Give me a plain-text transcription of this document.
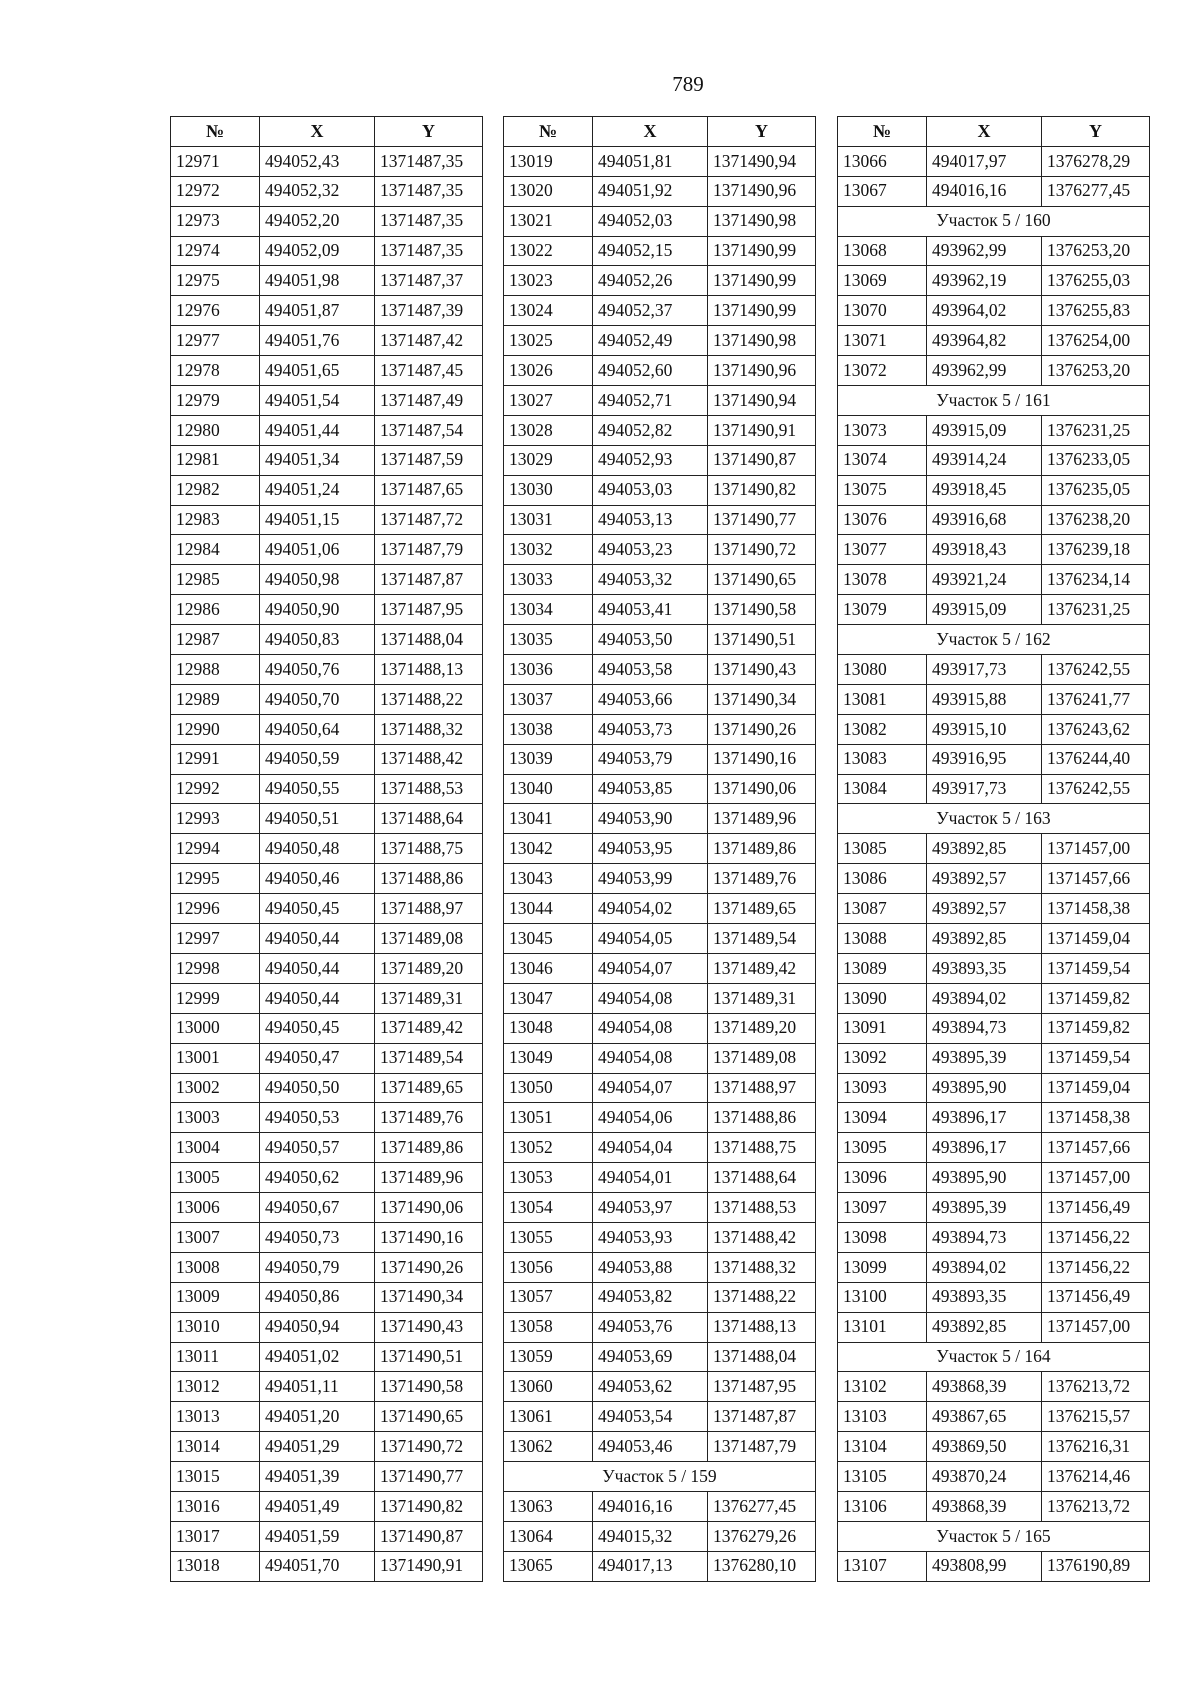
789
№	X	Y
12971	494052,43	1371487,35
12972	494052,32	1371487,35
12973	494052,20	1371487,35
12974	494052,09	1371487,35
12975	494051,98	1371487,37
12976	494051,87	1371487,39
12977	494051,76	1371487,42
12978	494051,65	1371487,45
12979	494051,54	1371487,49
12980	494051,44	1371487,54
12981	494051,34	1371487,59
12982	494051,24	1371487,65
12983	494051,15	1371487,72
12984	494051,06	1371487,79
12985	494050,98	1371487,87
12986	494050,90	1371487,95
12987	494050,83	1371488,04
12988	494050,76	1371488,13
12989	494050,70	1371488,22
12990	494050,64	1371488,32
12991	494050,59	1371488,42
12992	494050,55	1371488,53
12993	494050,51	1371488,64
12994	494050,48	1371488,75
12995	494050,46	1371488,86
12996	494050,45	1371488,97
12997	494050,44	1371489,08
12998	494050,44	1371489,20
12999	494050,44	1371489,31
13000	494050,45	1371489,42
13001	494050,47	1371489,54
13002	494050,50	1371489,65
13003	494050,53	1371489,76
13004	494050,57	1371489,86
13005	494050,62	1371489,96
13006	494050,67	1371490,06
13007	494050,73	1371490,16
13008	494050,79	1371490,26
13009	494050,86	1371490,34
13010	494050,94	1371490,43
13011	494051,02	1371490,51
13012	494051,11	1371490,58
13013	494051,20	1371490,65
13014	494051,29	1371490,72
13015	494051,39	1371490,77
13016	494051,49	1371490,82
13017	494051,59	1371490,87
13018	494051,70	1371490,91
№	X	Y
13019	494051,81	1371490,94
13020	494051,92	1371490,96
13021	494052,03	1371490,98
13022	494052,15	1371490,99
13023	494052,26	1371490,99
13024	494052,37	1371490,99
13025	494052,49	1371490,98
13026	494052,60	1371490,96
13027	494052,71	1371490,94
13028	494052,82	1371490,91
13029	494052,93	1371490,87
13030	494053,03	1371490,82
13031	494053,13	1371490,77
13032	494053,23	1371490,72
13033	494053,32	1371490,65
13034	494053,41	1371490,58
13035	494053,50	1371490,51
13036	494053,58	1371490,43
13037	494053,66	1371490,34
13038	494053,73	1371490,26
13039	494053,79	1371490,16
13040	494053,85	1371490,06
13041	494053,90	1371489,96
13042	494053,95	1371489,86
13043	494053,99	1371489,76
13044	494054,02	1371489,65
13045	494054,05	1371489,54
13046	494054,07	1371489,42
13047	494054,08	1371489,31
13048	494054,08	1371489,20
13049	494054,08	1371489,08
13050	494054,07	1371488,97
13051	494054,06	1371488,86
13052	494054,04	1371488,75
13053	494054,01	1371488,64
13054	494053,97	1371488,53
13055	494053,93	1371488,42
13056	494053,88	1371488,32
13057	494053,82	1371488,22
13058	494053,76	1371488,13
13059	494053,69	1371488,04
13060	494053,62	1371487,95
13061	494053,54	1371487,87
13062	494053,46	1371487,79
Участок 5 / 159		
13063	494016,16	1376277,45
13064	494015,32	1376279,26
13065	494017,13	1376280,10
№	X	Y
13066	494017,97	1376278,29
13067	494016,16	1376277,45
Участок 5 / 160		
13068	493962,99	1376253,20
13069	493962,19	1376255,03
13070	493964,02	1376255,83
13071	493964,82	1376254,00
13072	493962,99	1376253,20
Участок 5 / 161		
13073	493915,09	1376231,25
13074	493914,24	1376233,05
13075	493918,45	1376235,05
13076	493916,68	1376238,20
13077	493918,43	1376239,18
13078	493921,24	1376234,14
13079	493915,09	1376231,25
Участок 5 / 162		
13080	493917,73	1376242,55
13081	493915,88	1376241,77
13082	493915,10	1376243,62
13083	493916,95	1376244,40
13084	493917,73	1376242,55
Участок 5 / 163		
13085	493892,85	1371457,00
13086	493892,57	1371457,66
13087	493892,57	1371458,38
13088	493892,85	1371459,04
13089	493893,35	1371459,54
13090	493894,02	1371459,82
13091	493894,73	1371459,82
13092	493895,39	1371459,54
13093	493895,90	1371459,04
13094	493896,17	1371458,38
13095	493896,17	1371457,66
13096	493895,90	1371457,00
13097	493895,39	1371456,49
13098	493894,73	1371456,22
13099	493894,02	1371456,22
13100	493893,35	1371456,49
13101	493892,85	1371457,00
Участок 5 / 164		
13102	493868,39	1376213,72
13103	493867,65	1376215,57
13104	493869,50	1376216,31
13105	493870,24	1376214,46
13106	493868,39	1376213,72
Участок 5 / 165		
13107	493808,99	1376190,89
